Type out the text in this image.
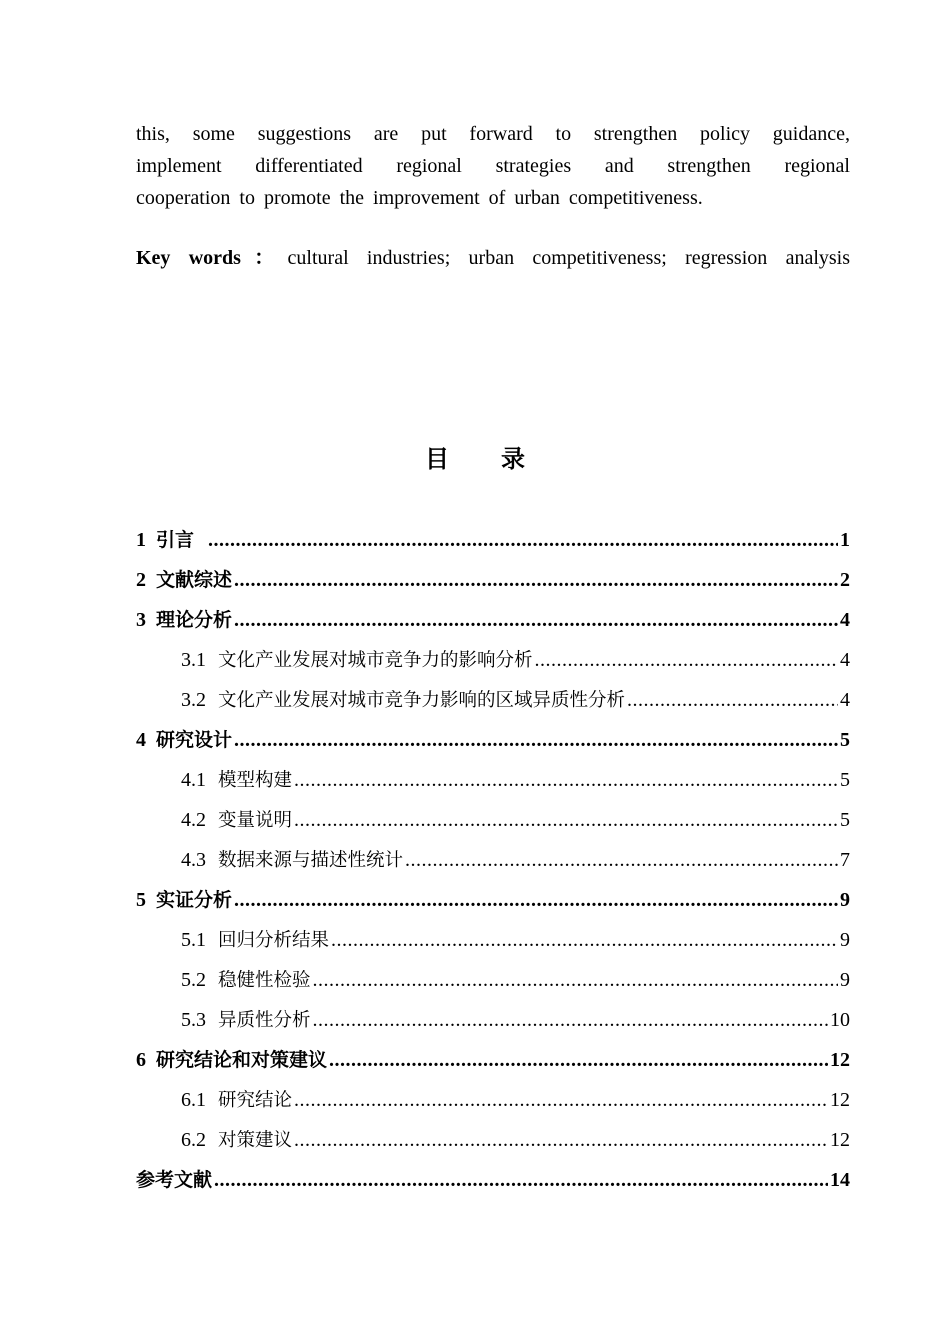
this, some suggestions are put forward to strengthen policy guidance,
implement differentiated regional strategies and strengthen regional
cooperation to promote the improvement of urban competitiveness.
Key words：cultural industries; urban competitiveness; regression analysis
目 录
1 引言 .....	1
2 文献综述 .....	2
3 理论分析 .....	4
3.1 文化产业发展对城市竞争力的影响分析 .....	4
3.2 文化产业发展对城市竞争力影响的区域异质性分析 .....	4
4 研究设计 .....	5
4.1 模型构建 .....	5
4.2 变量说明 .....	5
4.3 数据来源与描述性统计 .....	7
5 实证分析 .....	9
5.1 回归分析结果 .....	9
5.2 稳健性检验 .....	9
5.3 异质性分析 .....	10
6 研究结论和对策建议 .....	12
6.1 研究结论 .....	12
6.2 对策建议 .....	12
参考文献 .....	14
